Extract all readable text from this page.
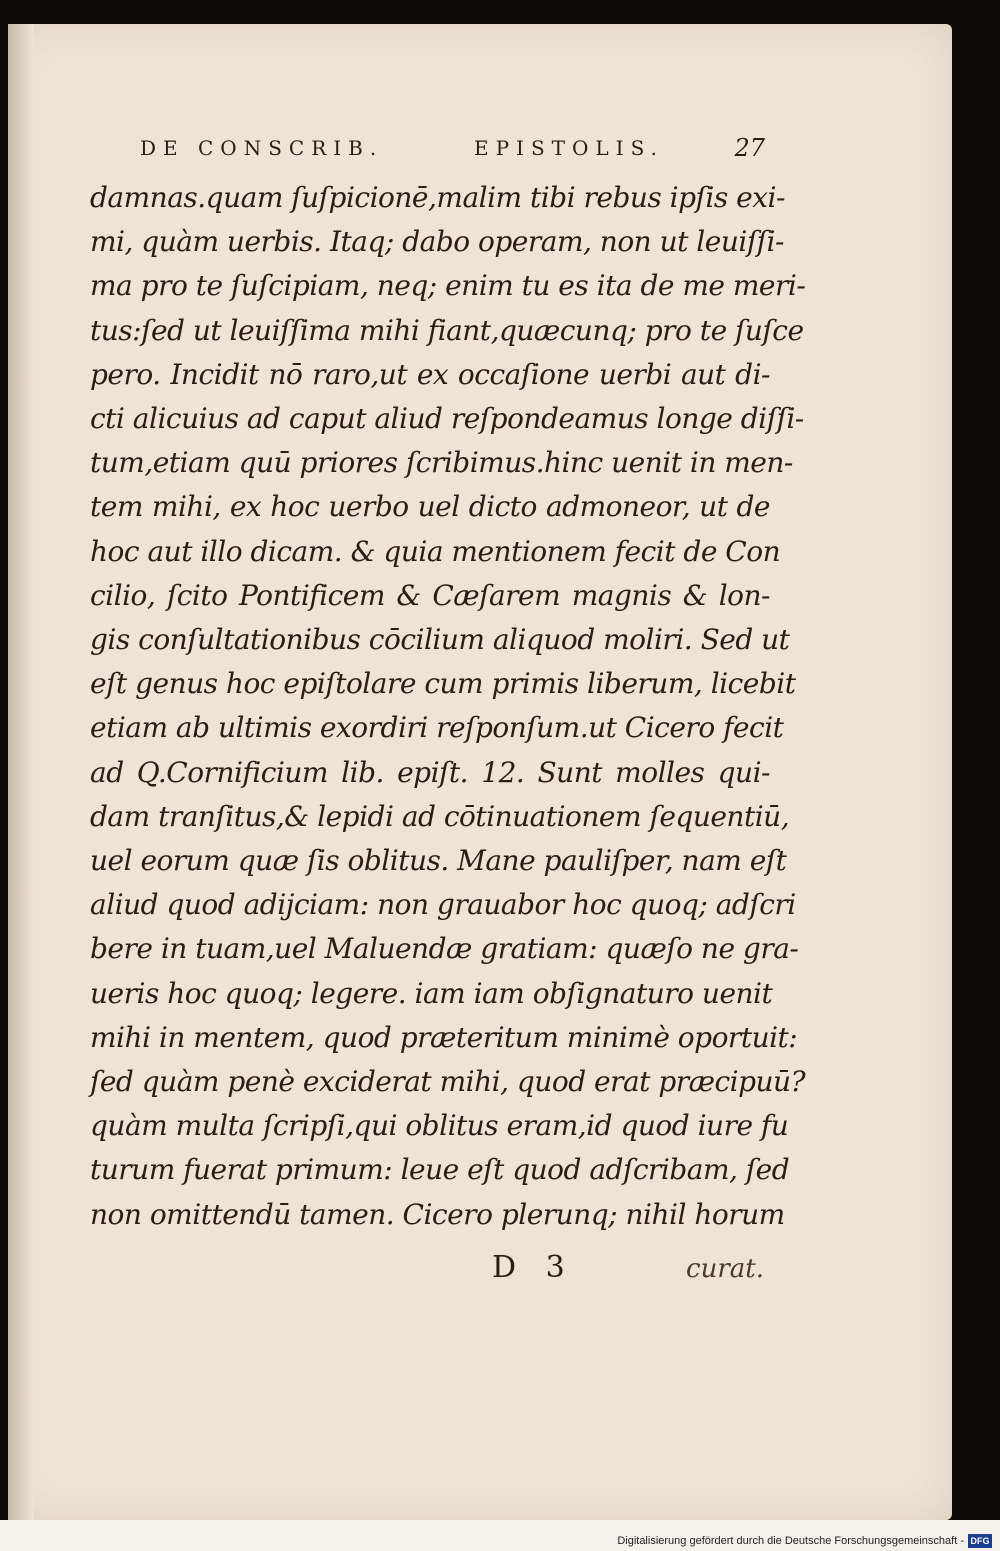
DE CONSCRIB.	EPISTOLIS.	27
damnas.quam ſuſpicionē,malim tibi rebus ipſis exi-
mi, quàm uerbis. Itaq; dabo operam, non ut leuiſſi-
ma pro te ſuſcipiam, neq; enim tu es ita de me meri-
tus:ſed ut leuiſſima mihi fiant,quæcunq; pro te ſuſce
pero. Incidit nō raro,ut ex occaſione uerbi aut di-
cti alicuius ad caput aliud reſpondeamus longe diſſi-
tum,etiam quū priores ſcribimus.hinc uenit in men-
tem mihi, ex hoc uerbo uel dicto admoneor, ut de
hoc aut illo dicam. & quia mentionem fecit de Con
cilio, ſcito Pontificem & Cæſarem magnis & lon-
gis conſultationibus cōcilium aliquod moliri. Sed ut
eſt genus hoc epiſtolare cum primis liberum, licebit
etiam ab ultimis exordiri reſponſum.ut Cicero fecit
ad Q.Cornificium lib. epiſt. 12. Sunt molles qui-
dam tranſitus,& lepidi ad cōtinuationem ſequentiū,
uel eorum quæ ſis oblitus. Mane pauliſper, nam eſt
aliud quod adijciam: non grauabor hoc quoq; adſcri
bere in tuam,uel Maluendæ gratiam: quæſo ne gra-
ueris hoc quoq; legere. iam iam obſignaturo uenit
mihi in mentem, quod præteritum minimè oportuit:
ſed quàm penè exciderat mihi, quod erat præcipuū?
quàm multa ſcripſi,qui oblitus eram,id quod iure fu
turum fuerat primum: leue eſt quod adſcribam, ſed
non omittendū tamen. Cicero plerunq; nihil horum
D 3	curat.
Digitalisierung gefördert durch die Deutsche Forschungsgemeinschaft - DFG
